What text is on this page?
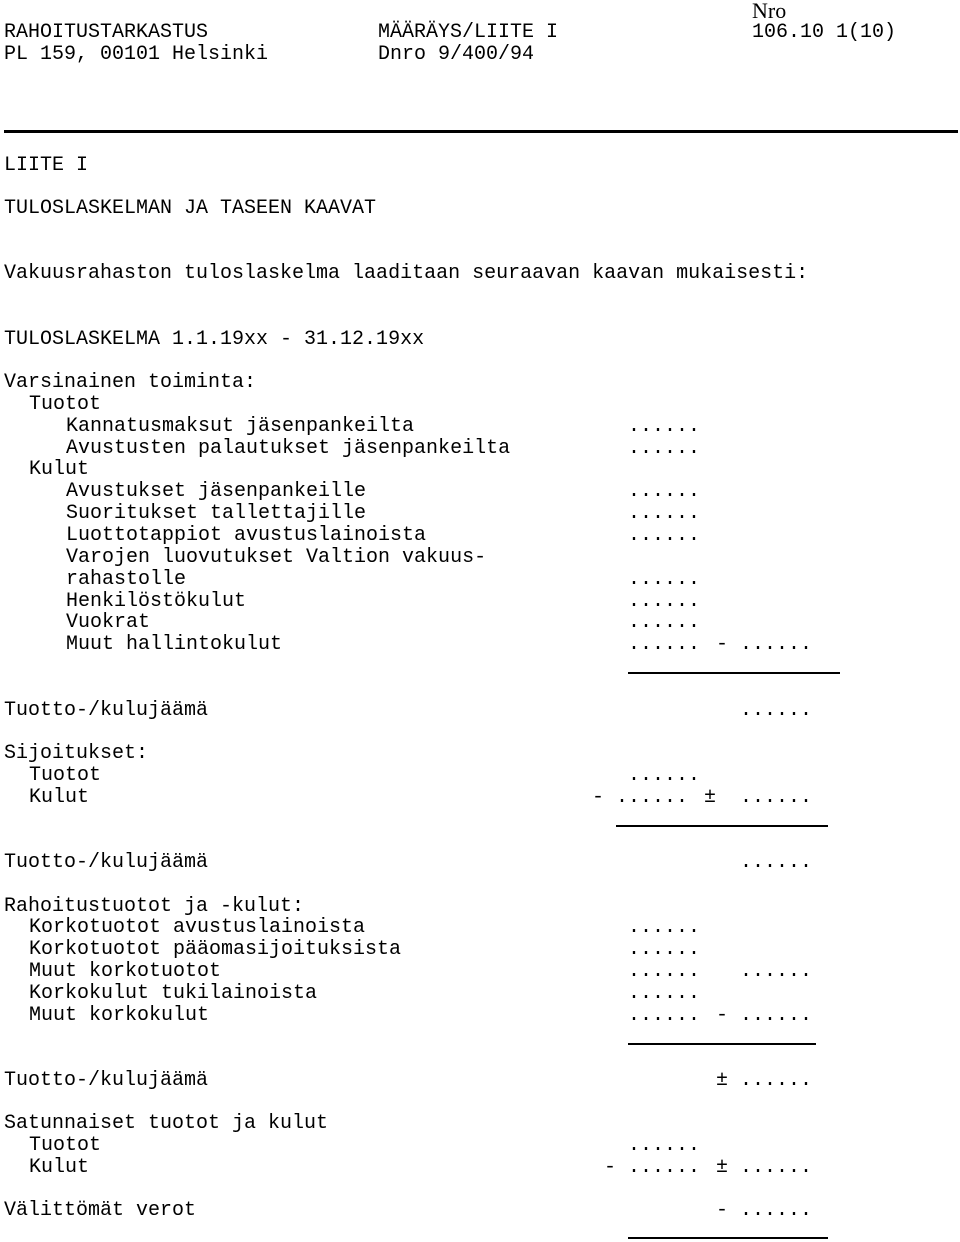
RAHOITUSTARKASTUS
PL 159, 00101 Helsinki
MÄÄRÄYS/LIITE I
Dnro 9/400/94
Nro
106.10 1(10)
LIITE I
TULOSLASKELMAN JA TASEEN KAAVAT
Vakuusrahaston tuloslaskelma laaditaan seuraavan kaavan mukaisesti:
TULOSLASKELMA 1.1.19xx - 31.12.19xx
Varsinainen toiminta:
Tuotot
Kannatusmaksut jäsenpankeilta	......
Avustusten palautukset jäsenpankeilta	......
Kulut
Avustukset jäsenpankeille	......
Suoritukset tallettajille	......
Luottotappiot avustuslainoista	......
Varojen luovutukset Valtion vakuus-
rahastolle	......
Henkilöstökulut	......
Vuokrat	......
Muut hallintokulut	...... - ......
Tuotto-/kulujäämä	......
Sijoitukset:
Tuotot	......
Kulut	- ...... ± ......
Tuotto-/kulujäämä	......
Rahoitustuotot ja -kulut:
Korkotuotot avustuslainoista	......
Korkotuotot pääomasijoituksista	......
Muut korkotuotot	...... ......
Korkokulut tukilainoista	......
Muut korkokulut	...... - ......
Tuotto-/kulujäämä	± ......
Satunnaiset tuotot ja kulut
Tuotot	......
Kulut	- ...... ± ......
Välittömät verot	- ......
